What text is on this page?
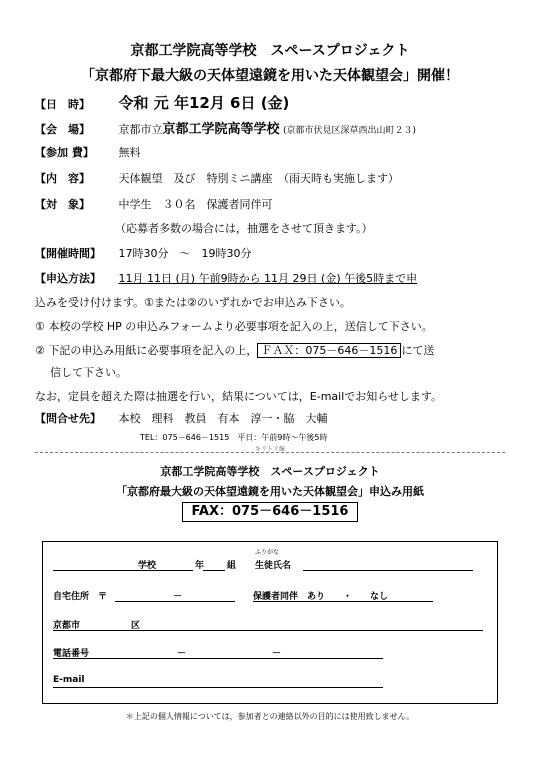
京都工学院高等学校　スペースプロジェクト
「京都府下最大級の天体望遠鏡を用いた天体観望会」開催！
【日　時】 令和 元 年12月 6日 (金)
【会　場】	京都市立京都工学院高等学校 (京都市伏見区深草西出山町２３)
【参加 費】 無料
【内　容】	天体観望　及び　特別ミニ講座　（雨天時も実施します）
【対　象】	中学生　３０名　保護者同伴可
（応募者多数の場合には，抽選をさせて頂きます。）
【開催時間】 17時30分　～　19時30分
【申込方法】 11月 11日 (月) 午前9時から 11月 29日 (金) 午後5時まで申
込みを受け付けます。①または②のいずれかでお申込み下さい。
① 本校の学校 HP の申込みフォームより必要事項を記入の上，送信して下さい。
② 下記の申込み用紙に必要事項を記入の上， ＦＡＸ：075－646－1516 にて送
信して下さい。
なお，定員を超えた際は抽選を行い，結果については，E-mailでお知らせします。
【問合せ先】 本校　理科　教員　有本　淳一・脇　大輔
TEL：075－646－1515　平日：午前9時～午後5時
キリトリ線
京都工学院高等学校　スペースプロジェクト
「京都府最大級の天体望遠鏡を用いた天体観望会」申込み用紙
FAX：075－646－1516
学校	年	組
ふりがな
生徒氏名
自宅住所　〒	－	保護者同伴　あり　　・　　なし
京都市	区
電話番号	－	－
E-mail
＊上記の個人情報については，参加者との連絡以外の目的には使用致しません。
